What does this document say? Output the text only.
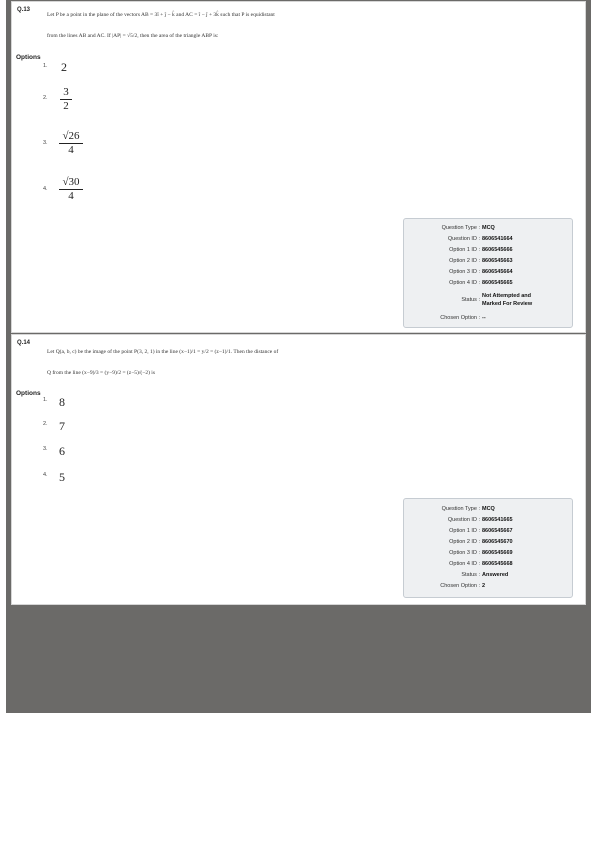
Q.13
Let P be a point in the plane of the vectors AB = 3î + ĵ − k̂ and AC = î − ĵ + 3k̂ such that P is equidistant
from the lines AB and AC. If |AP| = √5/2, then the area of the triangle ABP is:
Options
1. 2
2. 3
2
3.
√26
4
4.
√30
4
Question Type : MCQ
Question ID : 8606541664
Option 1 ID : 8606545666
Option 2 ID : 8606545663
Option 3 ID : 8606545664
Option 4 ID : 8606545665
Status :
Not Attempted and
Marked For Review
Chosen Option : --
Q.14
Let Q(a, b, c) be the image of the point P(3, 2, 1) in the line (x−1)/1 = y/2 = (z−1)/1. Then the distance of
Q from the line (x−9)/3 = (y−9)/2 = (z−5)/(−2) is
Options
1. 8
2. 7
3. 6
4. 5
Question Type : MCQ
Question ID : 8606541665
Option 1 ID : 8606545667
Option 2 ID : 8606545670
Option 3 ID : 8606545669
Option 4 ID : 8606545668
Status : Answered
Chosen Option : 2
